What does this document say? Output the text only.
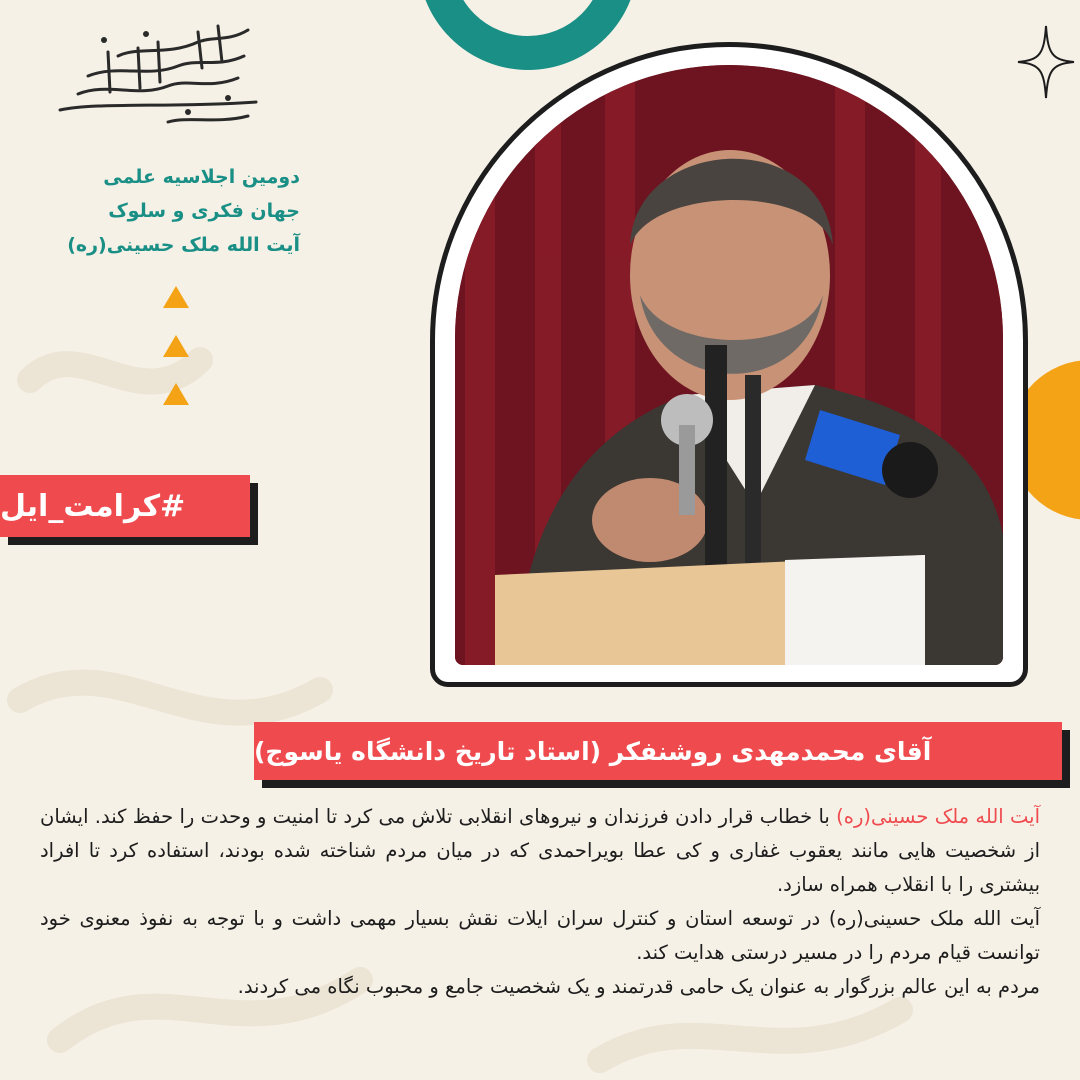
دومین اجلاسیه علمی
جهان فکری و سلوک
آیت الله ملک حسینی(ره)
#کرامت_ایل
آقای محمدمهدی روشنفکر (استاد تاریخ دانشگاه یاسوج)

آیت الله ملک حسینی(ره) با خطاب قرار دادن فرزندان و نیروهای انقلابی تلاش می کرد تا امنیت و وحدت را حفظ کند. ایشان از شخصیت هایی مانند یعقوب غفاری و کی عطا بویراحمدی که در میان مردم شناخته شده بودند، استفاده کرد تا افراد بیشتری را با انقلاب همراه سازد.

آیت الله ملک حسینی(ره) در توسعه استان و کنترل سران ایلات نقش بسیار مهمی داشت و با توجه به نفوذ معنوی خود توانست قیام مردم را در مسیر درستی هدایت کند.

مردم به این عالم بزرگوار به عنوان یک حامی قدرتمند و یک شخصیت جامع و محبوب نگاه می کردند.
